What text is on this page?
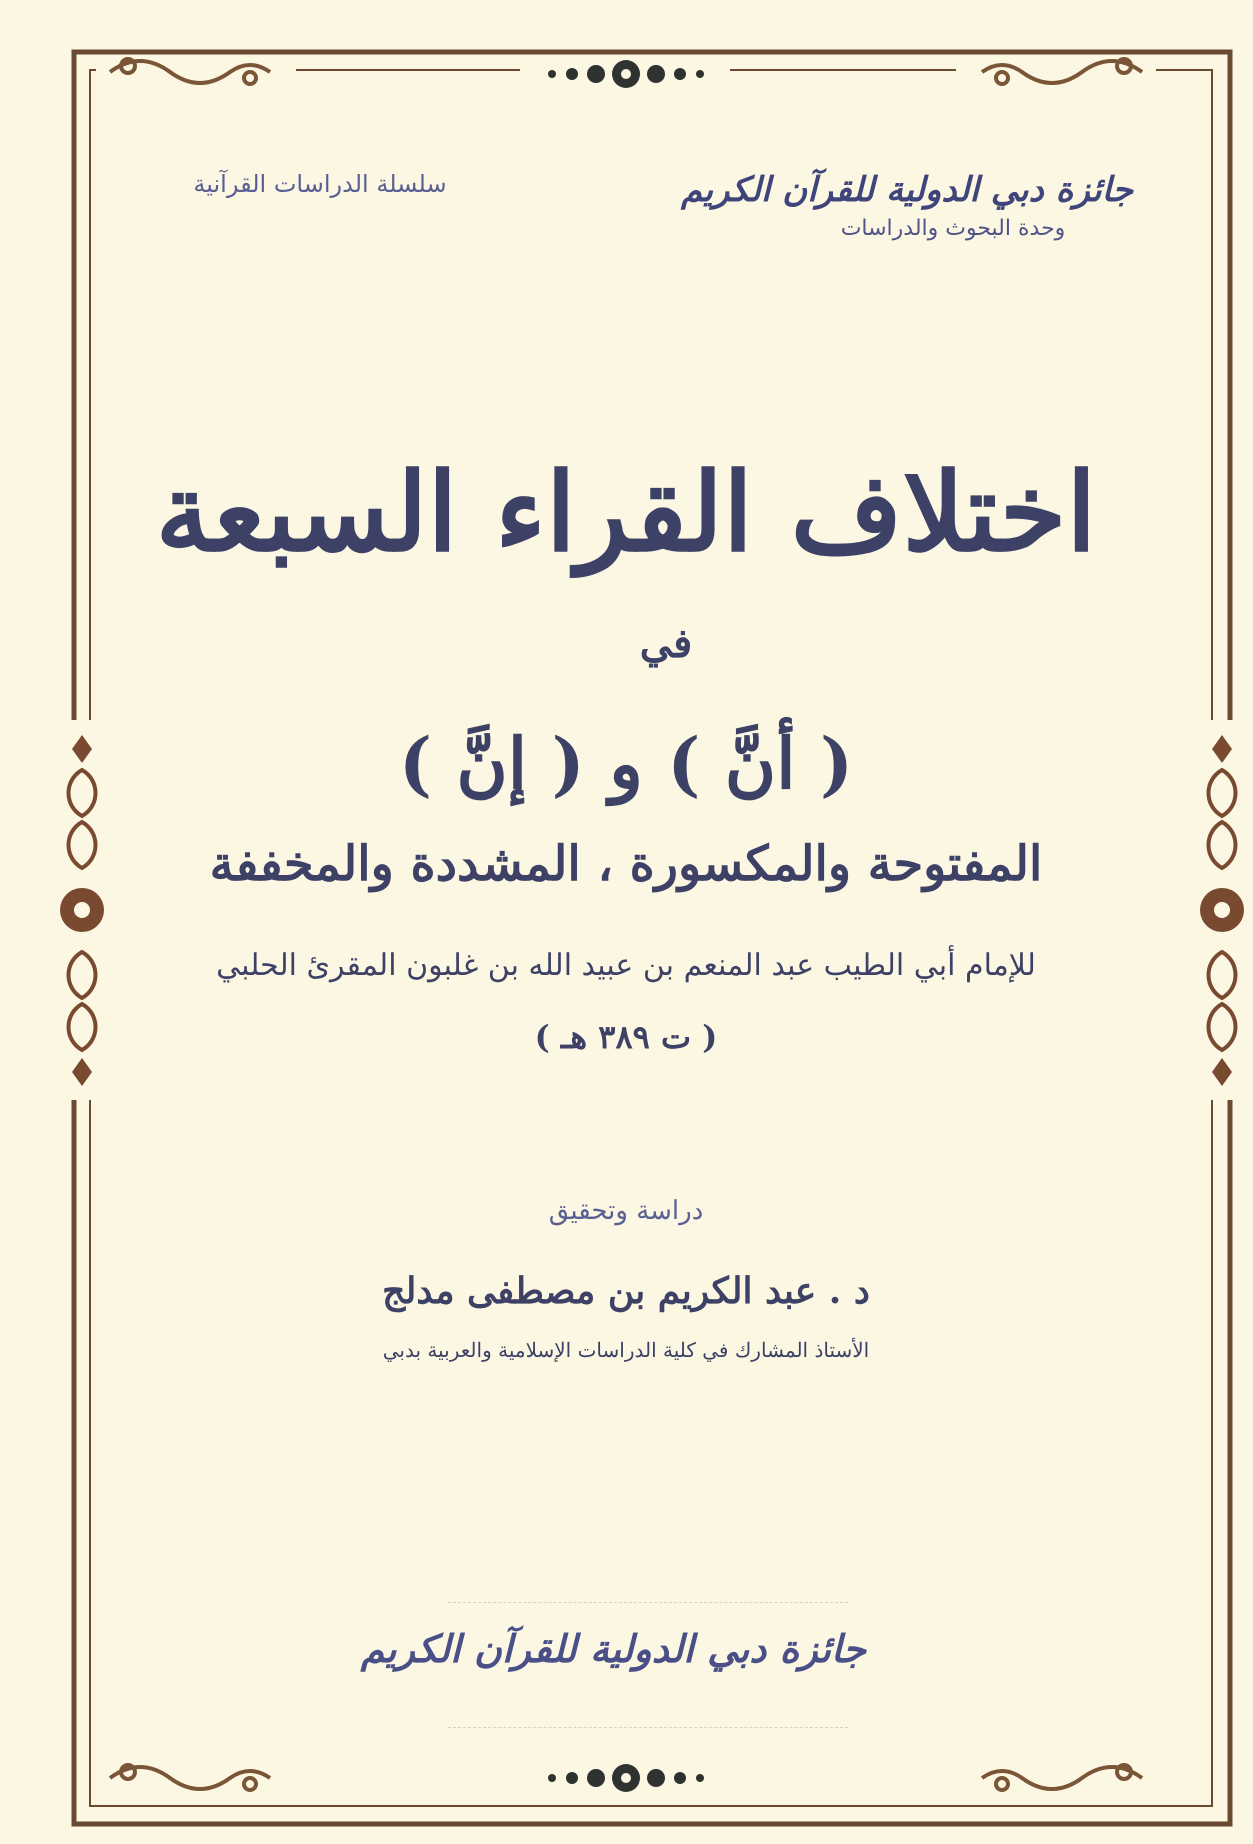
جائزة دبي الدولية للقرآن الكريم
وحدة البحوث والدراسات
سلسلة الدراسات القرآنية
اختلاف القراء السبعة
في
( أنَّ ) و ( إنَّ )
المفتوحة والمكسورة ، المشددة والمخففة
للإمام أبي الطيب عبد المنعم بن عبيد الله بن غلبون المقرئ الحلبي
( ت ٣٨٩ هـ )
دراسة وتحقيق
د . عبد الكريم بن مصطفى مدلج
الأستاذ المشارك في كلية الدراسات الإسلامية والعربية بدبي
جائزة دبي الدولية للقرآن الكريم
